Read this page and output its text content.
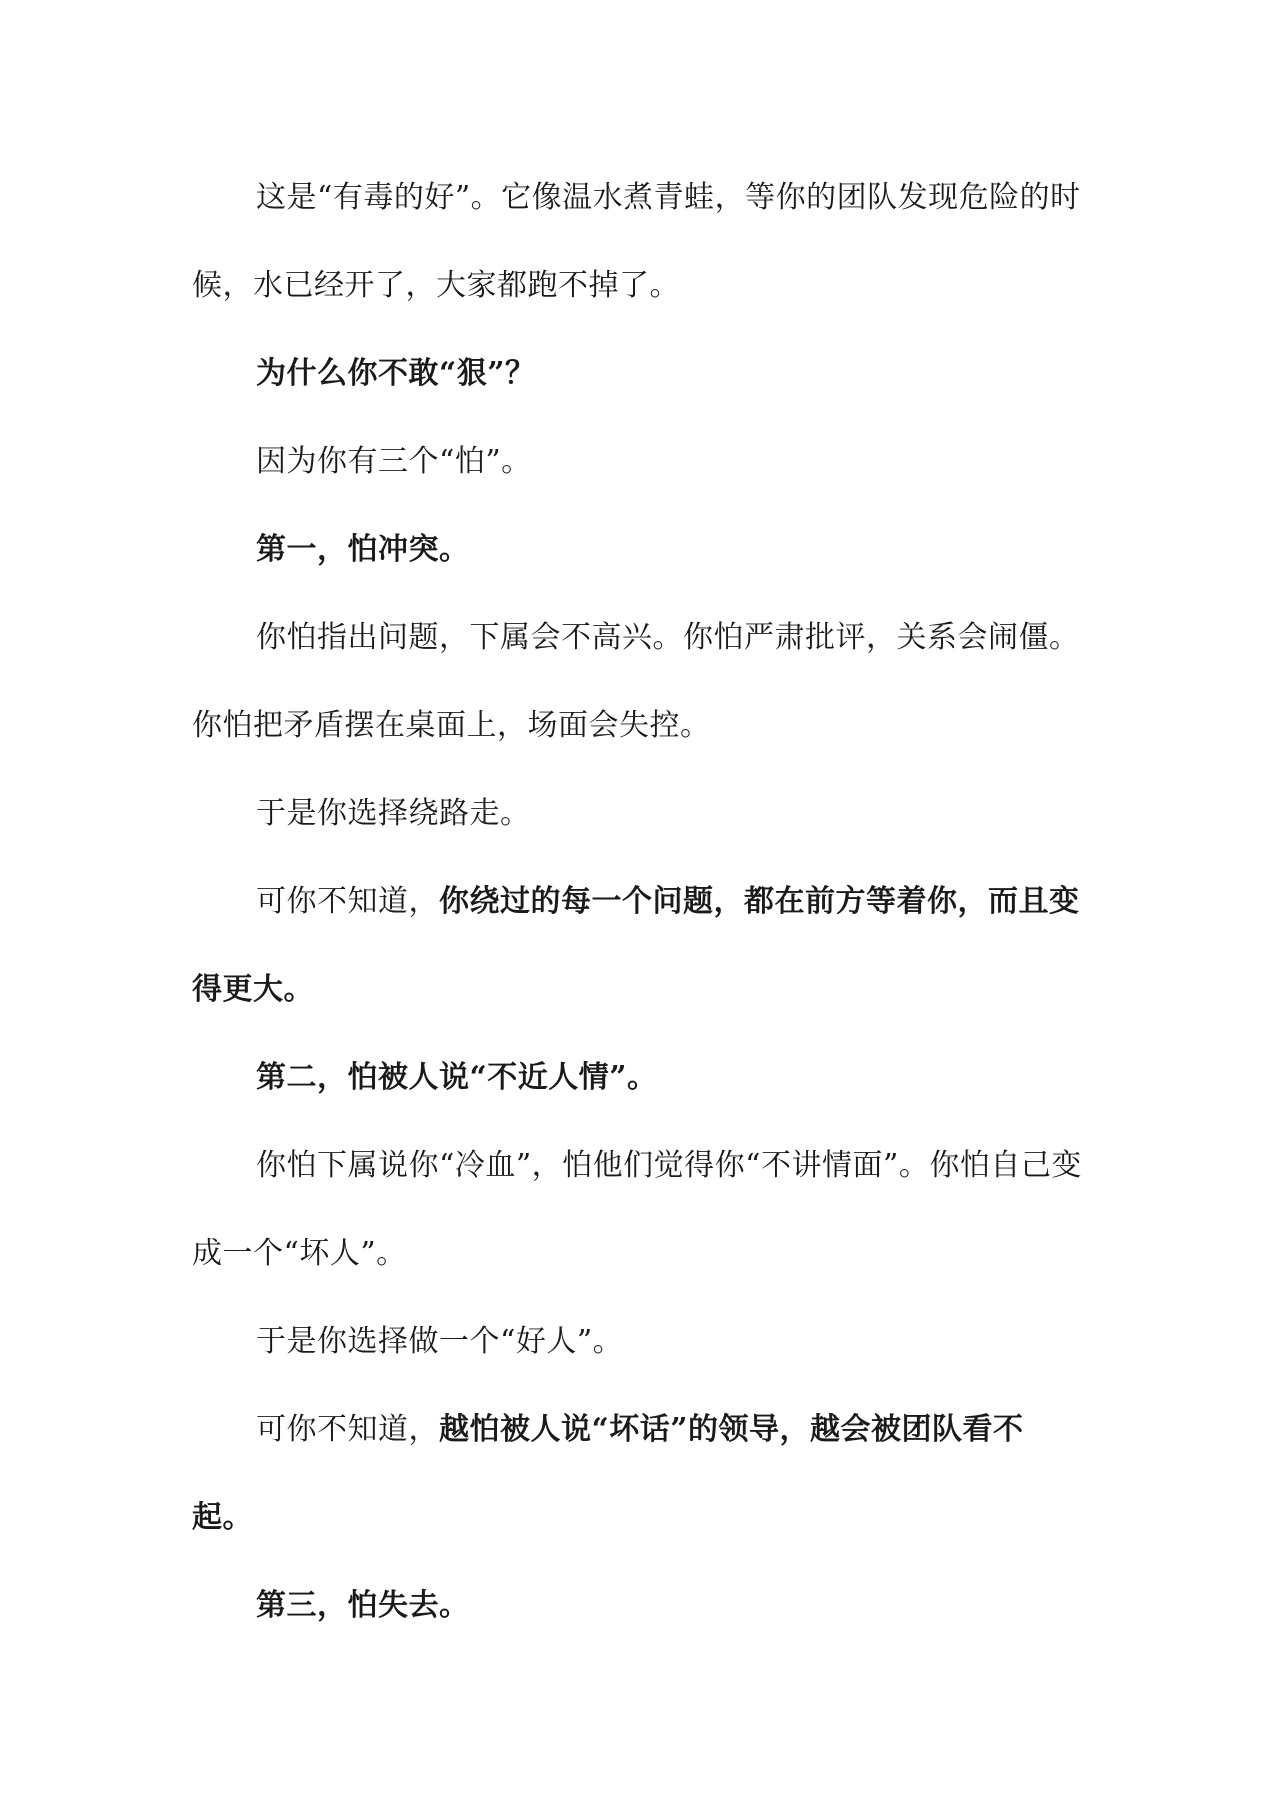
这是“有毒的好”。它像温水煮青蛙，等你的团队发现危险的时候，水已经开了，大家都跑不掉了。

为什么你不敢“狠”？

因为你有三个“怕”。

第一，怕冲突。

你怕指出问题，下属会不高兴。你怕严肃批评，关系会闹僵。你怕把矛盾摆在桌面上，场面会失控。

于是你选择绕路走。

可你不知道，你绕过的每一个问题，都在前方等着你，而且变得更大。

第二，怕被人说“不近人情”。

你怕下属说你“冷血”，怕他们觉得你“不讲情面”。你怕自己变成一个“坏人”。

于是你选择做一个“好人”。

可你不知道，越怕被人说“坏话”的领导，越会被团队看不起。

第三，怕失去。
